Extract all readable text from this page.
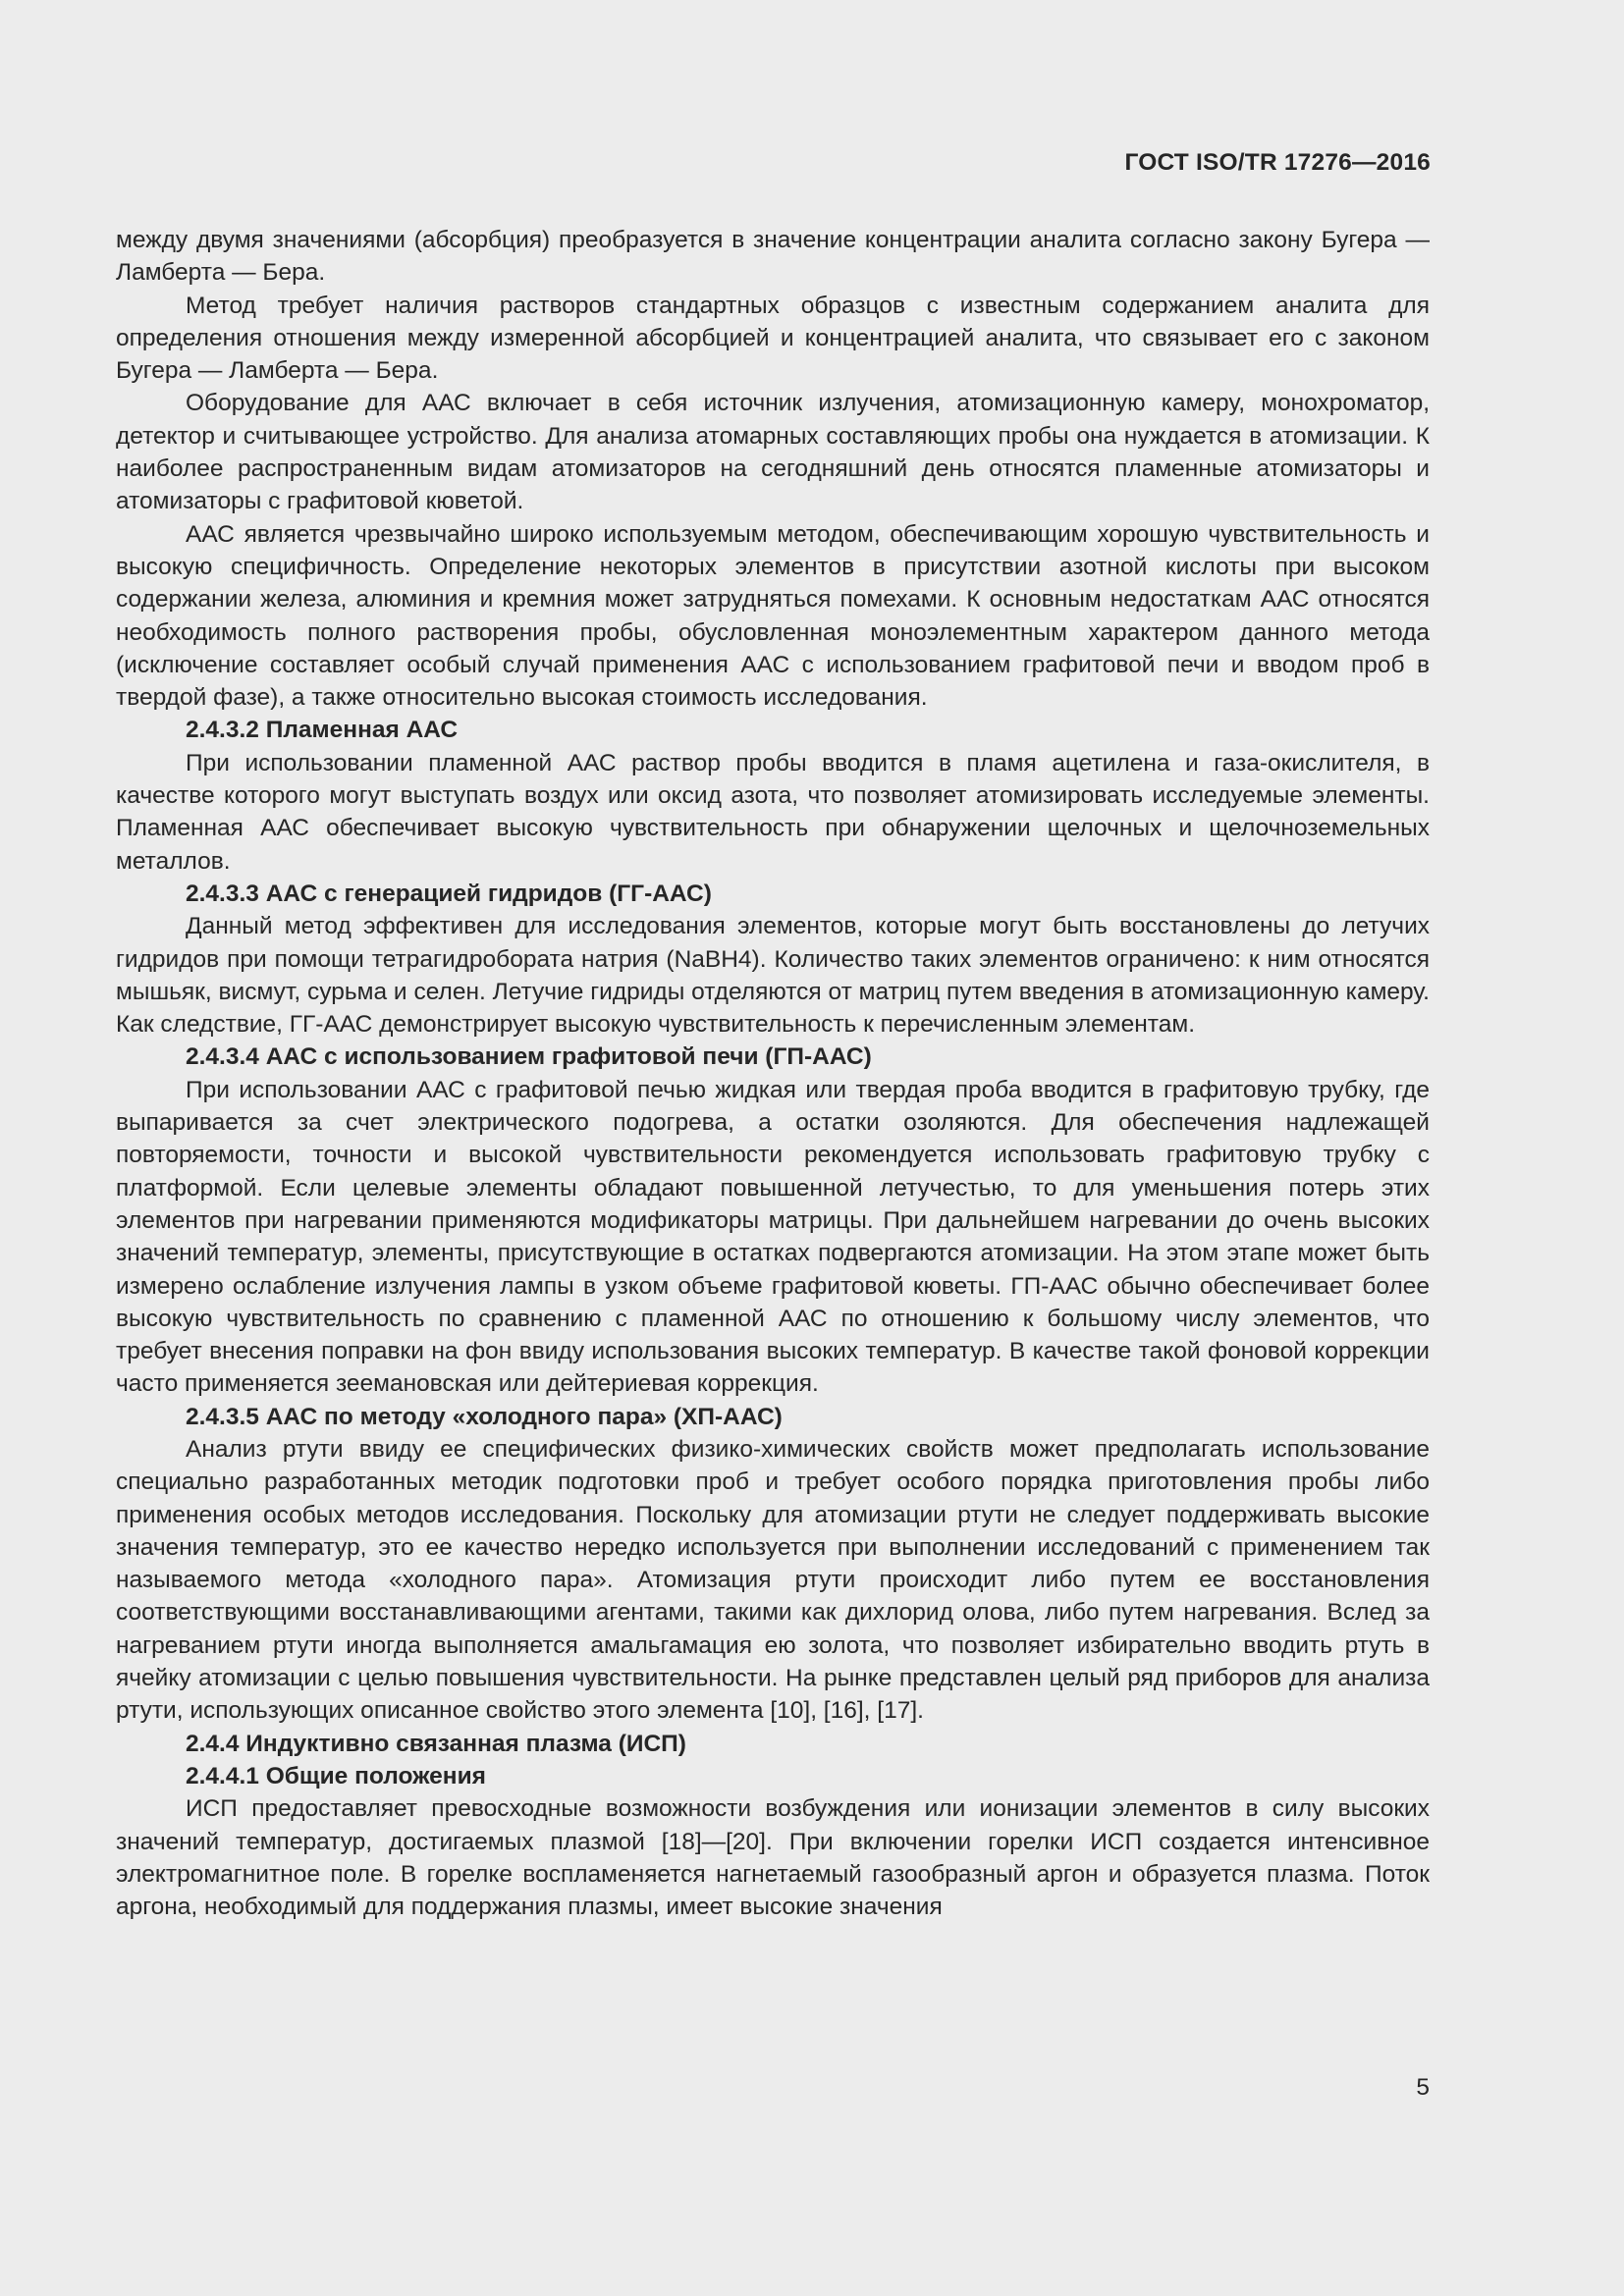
ГОСТ ISO/TR 17276—2016

между двумя значениями (абсорбция) преобразуется в значение концентрации аналита согласно закону Бугера — Ламберта — Бера.

Метод требует наличия растворов стандартных образцов с известным содержанием аналита для определения отношения между измеренной абсорбцией и концентрацией аналита, что связывает его с законом Бугера — Ламберта — Бера.

Оборудование для ААС включает в себя источник излучения, атомизационную камеру, монохроматор, детектор и считывающее устройство. Для анализа атомарных составляющих пробы она нуждается в атомизации. К наиболее распространенным видам атомизаторов на сегодняшний день относятся пламенные атомизаторы и атомизаторы с графитовой кюветой.

ААС является чрезвычайно широко используемым методом, обеспечивающим хорошую чувствительность и высокую специфичность. Определение некоторых элементов в присутствии азотной кислоты при высоком содержании железа, алюминия и кремния может затрудняться помехами. К основным недостаткам ААС относятся необходимость полного растворения пробы, обусловленная моноэлементным характером данного метода (исключение составляет особый случай применения ААС с использованием графитовой печи и вводом проб в твердой фазе), а также относительно высокая стоимость исследования.

2.4.3.2 Пламенная ААС

При использовании пламенной ААС раствор пробы вводится в пламя ацетилена и газа-окислителя, в качестве которого могут выступать воздух или оксид азота, что позволяет атомизировать исследуемые элементы. Пламенная ААС обеспечивает высокую чувствительность при обнаружении щелочных и щелочноземельных металлов.

2.4.3.3 ААС с генерацией гидридов (ГГ-ААС)

Данный метод эффективен для исследования элементов, которые могут быть восстановлены до летучих гидридов при помощи тетрагидробората натрия (NaBH4). Количество таких элементов ограничено: к ним относятся мышьяк, висмут, сурьма и селен. Летучие гидриды отделяются от матриц путем введения в атомизационную камеру. Как следствие, ГГ-ААС демонстрирует высокую чувствительность к перечисленным элементам.

2.4.3.4 ААС с использованием графитовой печи (ГП-ААС)

При использовании ААС с графитовой печью жидкая или твердая проба вводится в графитовую трубку, где выпаривается за счет электрического подогрева, а остатки озоляются. Для обеспечения надлежащей повторяемости, точности и высокой чувствительности рекомендуется использовать графитовую трубку с платформой. Если целевые элементы обладают повышенной летучестью, то для уменьшения потерь этих элементов при нагревании применяются модификаторы матрицы. При дальнейшем нагревании до очень высоких значений температур, элементы, присутствующие в остатках подвергаются атомизации. На этом этапе может быть измерено ослабление излучения лампы в узком объеме графитовой кюветы. ГП-ААС обычно обеспечивает более высокую чувствительность по сравнению с пламенной ААС по отношению к большому числу элементов, что требует внесения поправки на фон ввиду использования высоких температур. В качестве такой фоновой коррекции часто применяется зеемановская или дейтериевая коррекция.

2.4.3.5 ААС по методу «холодного пара» (ХП-ААС)

Анализ ртути ввиду ее специфических физико-химических свойств может предполагать использование специально разработанных методик подготовки проб и требует особого порядка приготовления пробы либо применения особых методов исследования. Поскольку для атомизации ртути не следует поддерживать высокие значения температур, это ее качество нередко используется при выполнении исследований с применением так называемого метода «холодного пара». Атомизация ртути происходит либо путем ее восстановления соответствующими восстанавливающими агентами, такими как дихлорид олова, либо путем нагревания. Вслед за нагреванием ртути иногда выполняется амальгамация ею золота, что позволяет избирательно вводить ртуть в ячейку атомизации с целью повышения чувствительности. На рынке представлен целый ряд приборов для анализа ртути, использующих описанное свойство этого элемента [10], [16], [17].

2.4.4 Индуктивно связанная плазма (ИСП)
2.4.4.1 Общие положения

ИСП предоставляет превосходные возможности возбуждения или ионизации элементов в силу высоких значений температур, достигаемых плазмой [18]—[20]. При включении горелки ИСП создается интенсивное электромагнитное поле. В горелке воспламеняется нагнетаемый газообразный аргон и образуется плазма. Поток аргона, необходимый для поддержания плазмы, имеет высокие значения

5
